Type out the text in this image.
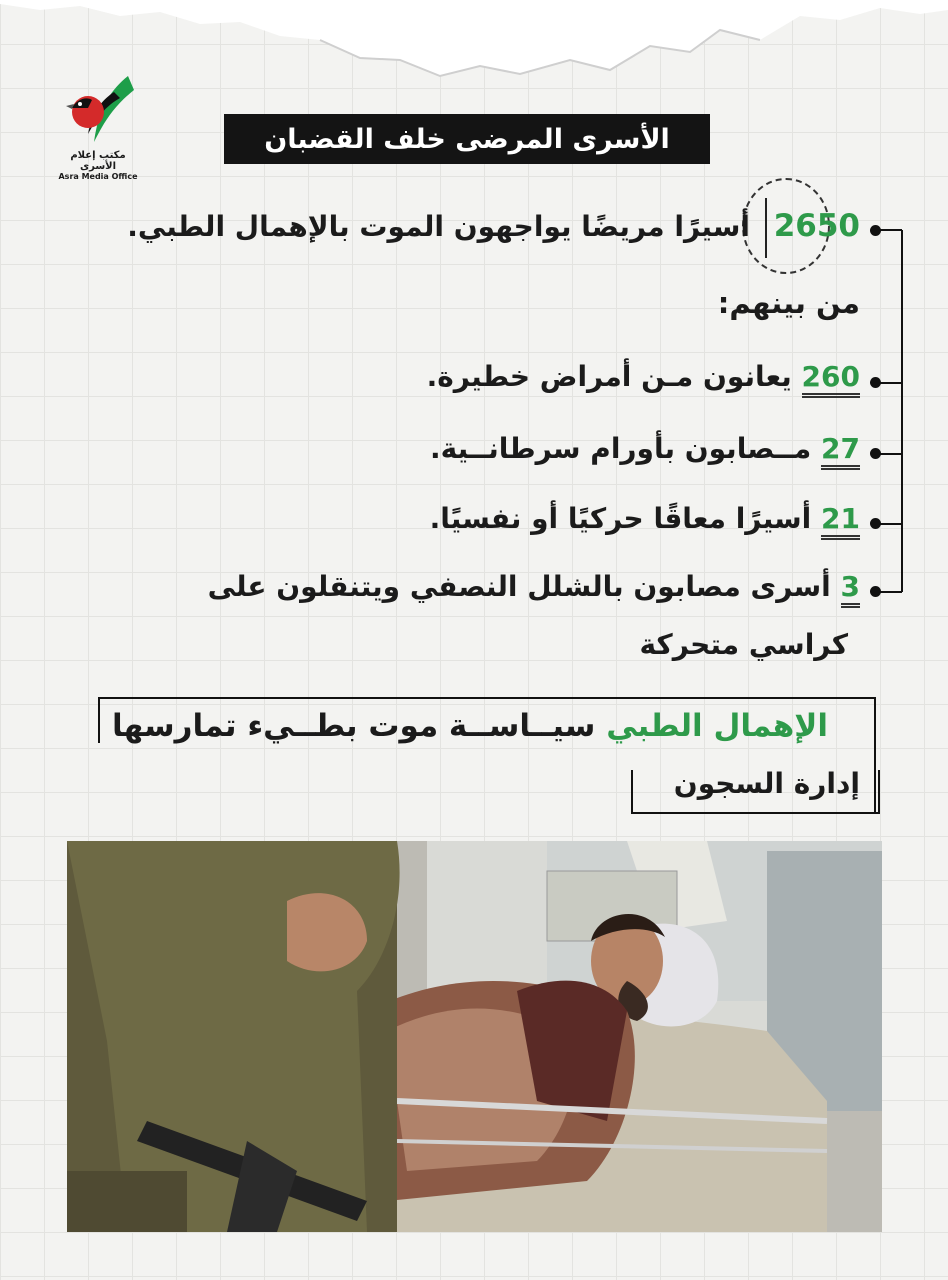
مكتب إعلام الأسرى
Asra Media Office
الأسرى المرضى خلف القضبان
2650 أسيرًا مريضًا يواجهون الموت بالإهمال الطبي.
من بينهم:
260 يعانون مـن أمراض خطيرة.
27 مــصابون بأورام سرطانــية.
21 أسيرًا معاقًا حركيًا أو نفسيًا.
3 أسرى مصابون بالشلل النصفي ويتنقلون على
كراسي متحركة
الإهمال الطبي سيــاســة موت بطــيء تمارسها
إدارة السجون
